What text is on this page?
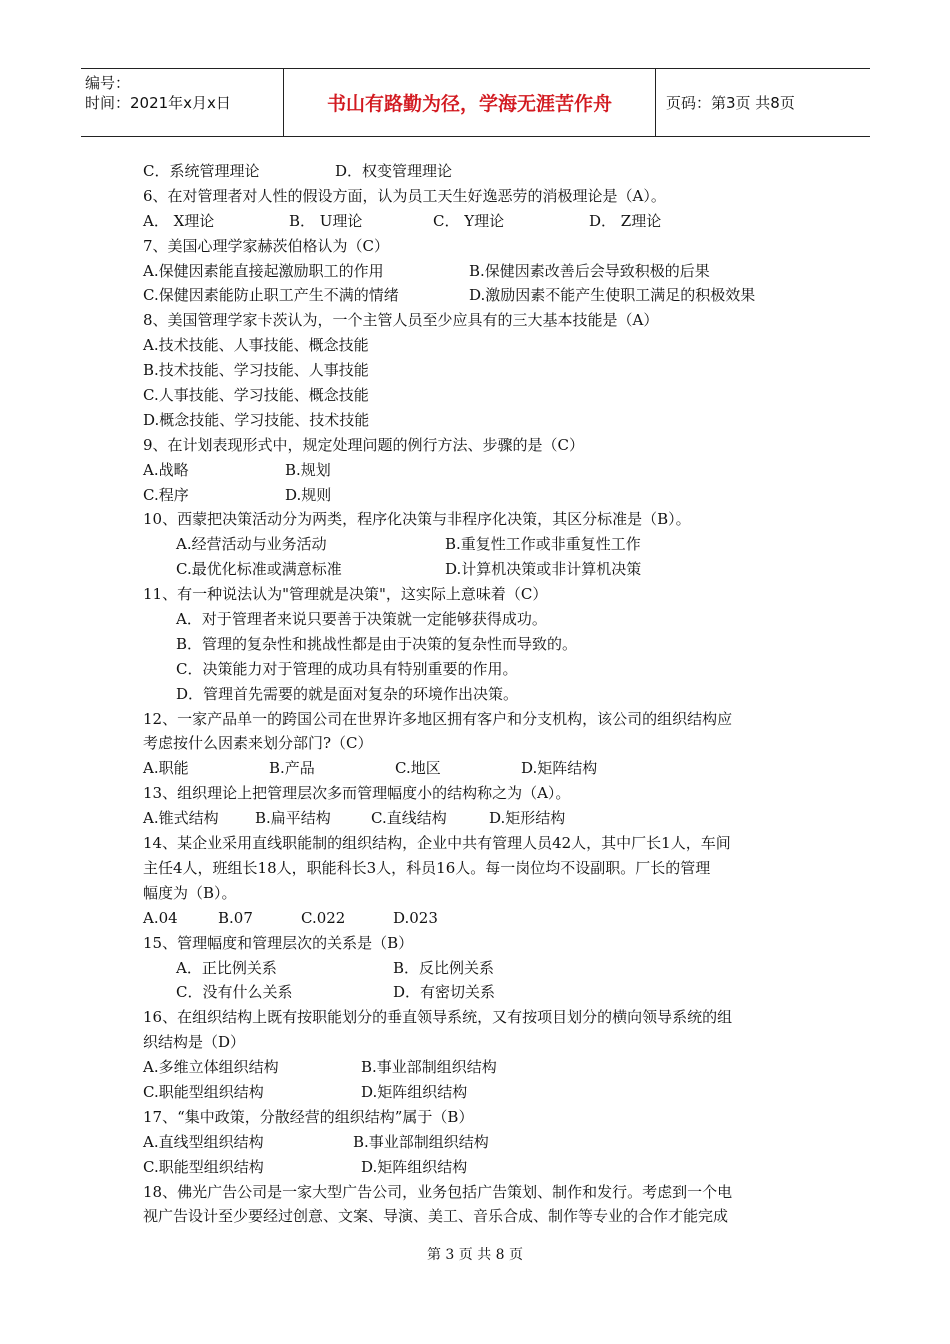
编号：
时间：2021年x月x日	书山有路勤为径，学海无涯苦作舟	页码：第3页 共8页
C．系统管理理论	D．权变管理理论
6、在对管理者对人性的假设方面，认为员工天生好逸恶劳的消极理论是（A）。
A． X理论	B． U理论	C． Y理论	D． Z理论
7、美国心理学家赫茨伯格认为（C）
A.保健因素能直接起激励职工的作用	B.保健因素改善后会导致积极的后果
C.保健因素能防止职工产生不满的情绪	D.激励因素不能产生使职工满足的积极效果
8、美国管理学家卡茨认为，一个主管人员至少应具有的三大基本技能是（A）
A.技术技能、人事技能、概念技能
B.技术技能、学习技能、人事技能
C.人事技能、学习技能、概念技能
D.概念技能、学习技能、技术技能
9、在计划表现形式中，规定处理问题的例行方法、步骤的是（C）
A.战略	B.规划
C.程序	D.规则
10、西蒙把决策活动分为两类，程序化决策与非程序化决策，其区分标准是（B）。
A.经营活动与业务活动	B.重复性工作或非重复性工作
C.最优化标准或满意标准	D.计算机决策或非计算机决策
11、有一种说法认为"管理就是决策"，这实际上意味着（C）
A．对于管理者来说只要善于决策就一定能够获得成功。
B．管理的复杂性和挑战性都是由于决策的复杂性而导致的。
C．决策能力对于管理的成功具有特别重要的作用。
D．管理首先需要的就是面对复杂的环境作出决策。
12、一家产品单一的跨国公司在世界许多地区拥有客户和分支机构，该公司的组织结构应
考虑按什么因素来划分部门?（C）
A.职能	B.产品	C.地区	D.矩阵结构
13、组织理论上把管理层次多而管理幅度小的结构称之为（A）。
A.锥式结构 B.扁平结构	C.直线结构	D.矩形结构
14、某企业采用直线职能制的组织结构，企业中共有管理人员42人，其中厂长1人，车间
主任4人，班组长18人，职能科长3人，科员16人。每一岗位均不设副职。厂长的管理
幅度为（B）。
A.04	B.07	C.022	D.023
15、管理幅度和管理层次的关系是（B）
A．正比例关系	B．反比例关系
C．没有什么关系	D．有密切关系
16、在组织结构上既有按职能划分的垂直领导系统，又有按项目划分的横向领导系统的组
织结构是（D）
A.多维立体组织结构	B.事业部制组织结构
C.职能型组织结构	D.矩阵组织结构
17、“集中政策，分散经营的组织结构”属于（B）
A.直线型组织结构	B.事业部制组织结构
C.职能型组织结构	D.矩阵组织结构
18、佛光广告公司是一家大型广告公司，业务包括广告策划、制作和发行。考虑到一个电
视广告设计至少要经过创意、文案、导演、美工、音乐合成、制作等专业的合作才能完成
第 3 页 共 8 页
